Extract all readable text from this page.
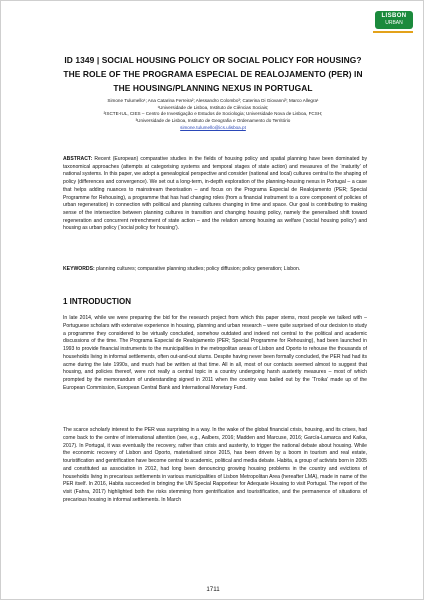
LISBON
URBAN
ID 1349 | SOCIAL HOUSING POLICY OR SOCIAL POLICY FOR HOUSING? THE ROLE OF THE PROGRAMA ESPECIAL DE REALOJAMENTO (PER) IN THE HOUSING/PLANNING NEXUS IN PORTUGAL
Simone Tulumello¹; Ana Catarina Ferreira²; Alessandro Colombo³; Caterina Di Giovanni³; Marco Allegra¹
¹Universidade de Lisboa, Instituto de Ciências Sociais;
²ISCTE-IUL, CIES – Centro de Investigação e Estudos de Sociologia; Universidade Nova de Lisboa, FCSH;
³Universidade de Lisboa, Instituto de Geografia e Ordenamento do Território
simone.tulumello@ics.ulisboa.pt
ABSTRACT: Recent (European) comparative studies in the fields of housing policy and spatial planning have been dominated by taxonomical approaches (attempts at categorising systems and temporal stages of state action) and measures of the ‘maturity’ of national systems. In this paper, we adopt a genealogical perspective and consider (national and local) cultures central to the shaping of policy (differences and convergence). We set out a long-term, in-depth exploration of the planning-housing nexus in Portugal – a case that helps adding nuances to mainstream theorisation – and focus on the Programa Especial de Realojamento (PER; Special Programme for Rehousing), a programme that has had changing roles (from a financial instrument to a core component of policies of urban regeneration) in connection with political and planning cultures changing in time and space. Our goal is contributing to making sense of the intersection between planning cultures in transition and changing housing policy, namely the generalised shift toward regeneration and concurrent retrenchment of state action – and the relation among housing as welfare (‘social housing policy’) and housing as urban policy (‘social policy for housing’).
KEYWORDS: planning cultures; comparative planning studies; policy diffusion; policy generation; Lisbon.
1 INTRODUCTION
In late 2014, while we were preparing the bid for the research project from which this paper stems, most people we talked with – Portuguese scholars with extensive experience in housing, planning and urban research – were quite surprised of our decision to study a programme they considered to be virtually concluded, somehow outdated and indeed not central to the political and academic discussions of the time. The Programa Especial de Realojamento (PER; Special Programme for Rehousing), had been launched in 1993 to provide financial instruments to the municipalities in the metropolitan areas of Lisbon and Oporto to rehouse the thousands of households living in informal settlements, often out-and-out slums. Despite having never been formally concluded, the PER had had its acme during the late 1990s, and much had be written at that time. All in all, most of our contacts seemed almost to suggest that housing, and policies thereof, were not really a central topic in a country undergoing harsh austerity measures – most of which prompted by the memorandum of understanding signed in 2011 when the country was bailed out by the ‘Troika’ made up of the European Commission, European Central Bank and International Monetary Fund.
The scarce scholarly interest to the PER was surprising in a way. In the wake of the global financial crisis, housing, and its crises, had come back to the centre of international attention (see, e.g., Aalbers, 2016; Madden and Marcuse, 2016; García-Lamarca and Kaika, 2017). In Portugal, it was eventually the recovery, rather than crisis and austerity, to trigger the national debate about housing. While the economic recovery of Lisbon and Oporto, materialised since 2015, has been driven by a boom in tourism and real estate, touristification and gentrification have become central to academic, political and media debate. Habita, a group of activists born in 2005 and constituted as association in 2012, had long been denouncing growing housing problems in the country and evictions of households living in precarious settlements in various municipalities of Lisbon Metropolitan Area (hereafter LMA), made in name of the PER itself. In 2016, Habita succeeded in bringing the UN Special Rapporteur for Adequate Housing to visit Portugal. The report of the visit (Fahra, 2017) highlighted both the risks stemming from gentrification and touristification, and the permanence of situations of precarious housing in informal settlements. In March
1711
